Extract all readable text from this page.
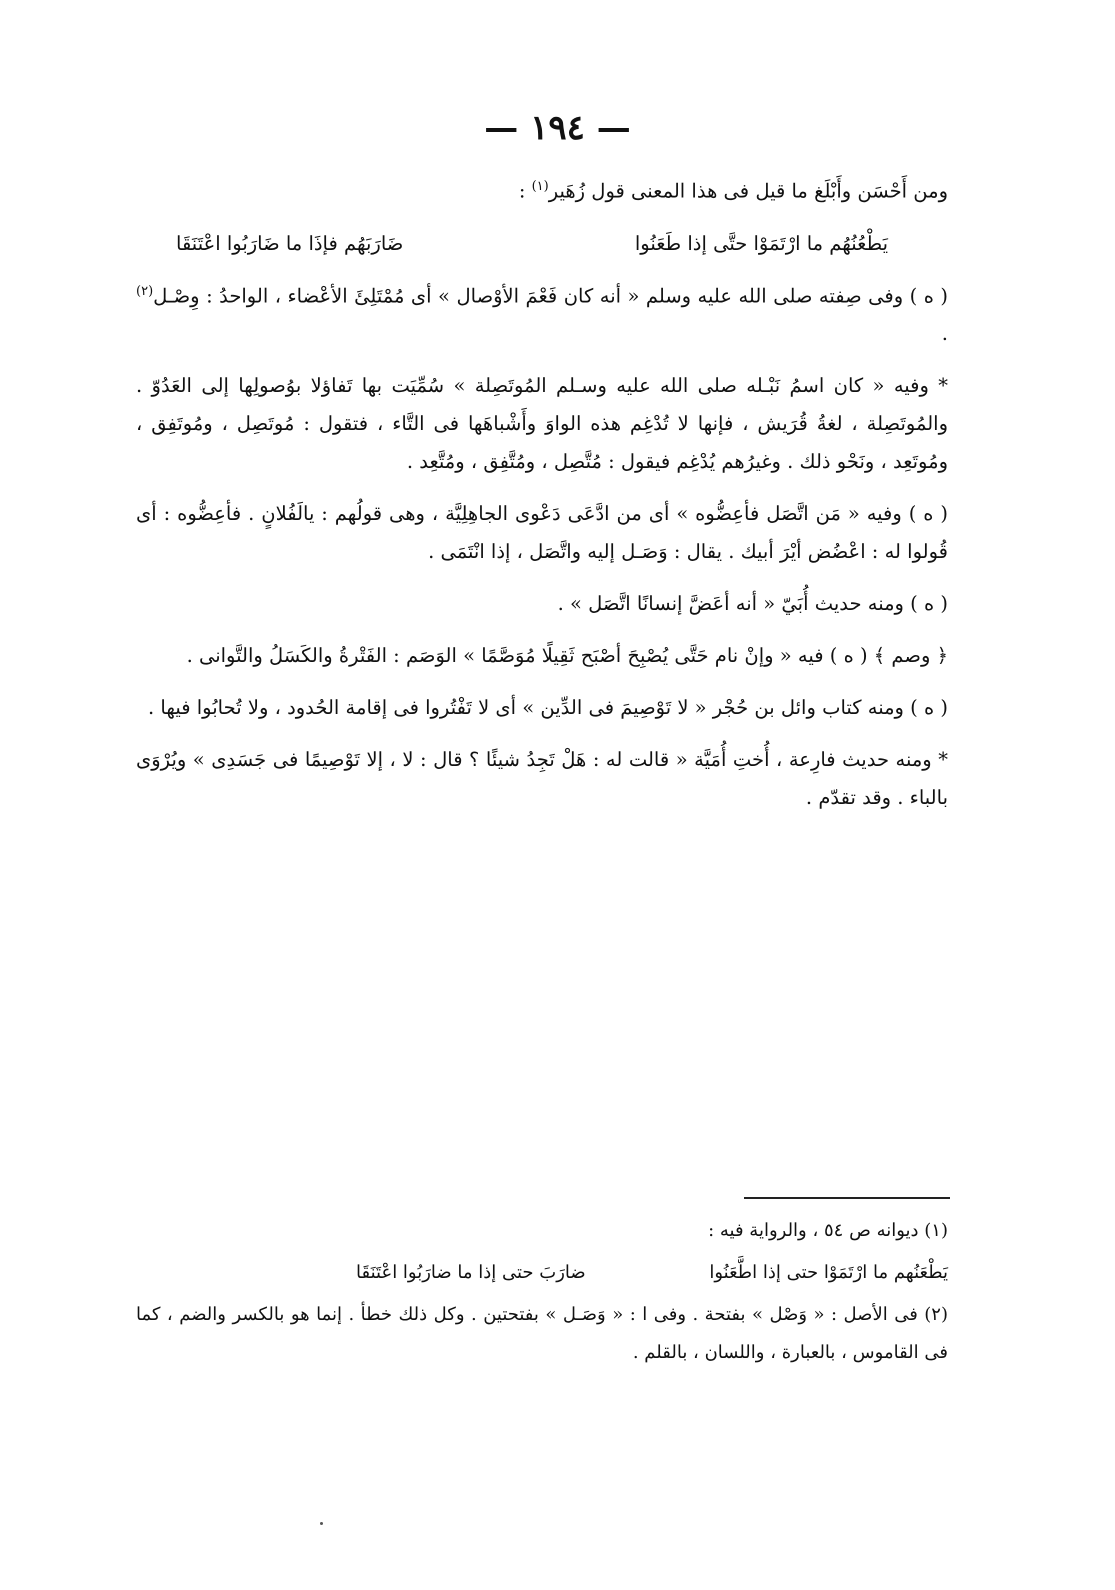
— ١٩٤ —

ومن أَحْسَن وأَبْلَغ ما قيل فى هذا المعنى قول زُهَير$^{(١)}$ :

يَطْعُنُهُم ما ارْتَمَوْا حتَّى إذا طَعَنُوا
ضَارَبَهُم فإذَا ما ضَارَبُوا اعْتَنَقَا

( ه ) وفى صِفته صلى الله عليه وسلم « أنه كان فَعْمَ الأوْصال » أى مُمْتَلِئَ الأعْضاء ، الواحدُ : وِصْـل$^{(٢)}$ .

* وفيه « كان اسمُ نَبْـله صلى الله عليه وسـلم المُوتَصِلة » سُمِّيَت بها تَفاؤلا بوُصولِها إلى العَدُوّ . والمُوتَصِلة ، لغةُ قُرَيش ، فإنها لا تُدْغِم هذه الواوَ وأَشْباهَها فى التَّاء ، فتقول : مُوتَصِل ، ومُوتَفِق ، ومُوتَعِد ، ونَحْو ذلك . وغيرُهم يُدْغِم فيقول : مُتَّصِل ، ومُتَّفِق ، ومُتَّعِد .

( ه ) وفيه « مَن اتَّصَل فأعِضُّوه » أى من ادَّعَى دَعْوى الجاهِلِيَّة ، وهى قولُهم : يالَفُلانٍ . فأعِضُّوه : أى قُولوا له : اعْضُض أيْرَ أبيك . يقال : وَصَـل إليه واتَّصَل ، إذا انْتَمَى .

( ه ) ومنه حديث أُبَيّ « أنه أعَضَّ إنسانًا اتَّصَل » .

﴿ وصم ﴾ ( ه ) فيه « وإنْ نام حَتَّى يُصْبِحَ أصْبَح ثَقِيلًا مُوَصَّمًا » الوَصَم : الفَتْرةُ والكَسَلُ والتَّوانى .

( ه ) ومنه كتاب وائل بن حُجْر « لا تَوْصِيمَ فى الدِّين » أى لا تَفْتُروا فى إقامة الحُدود ، ولا تُحابُوا فيها .

* ومنه حديث فارِعة ، أُختِ أُمَيَّة « قالت له : هَلْ تَجِدُ شيئًا ؟ قال : لا ، إلا تَوْصِيمًا فى جَسَدِى » ويُرْوَى بالباء . وقد تقدّم .

(١) ديوانه ص ٥٤ ، والرواية فيه :

يَطْعَنُهم ما ارْتَمَوْا حتى إذا اطَّعَنُوا
ضارَبَ حتى إذا ما ضارَبُوا اعْتَنَقَا

(٢) فى الأصل : « وَصْل » بفتحة . وفى ا : « وَصَـل » بفتحتين . وكل ذلك خطأ . إنما هو بالكسر والضم ، كما فى القاموس ، بالعبارة ، واللسان ، بالقلم .
